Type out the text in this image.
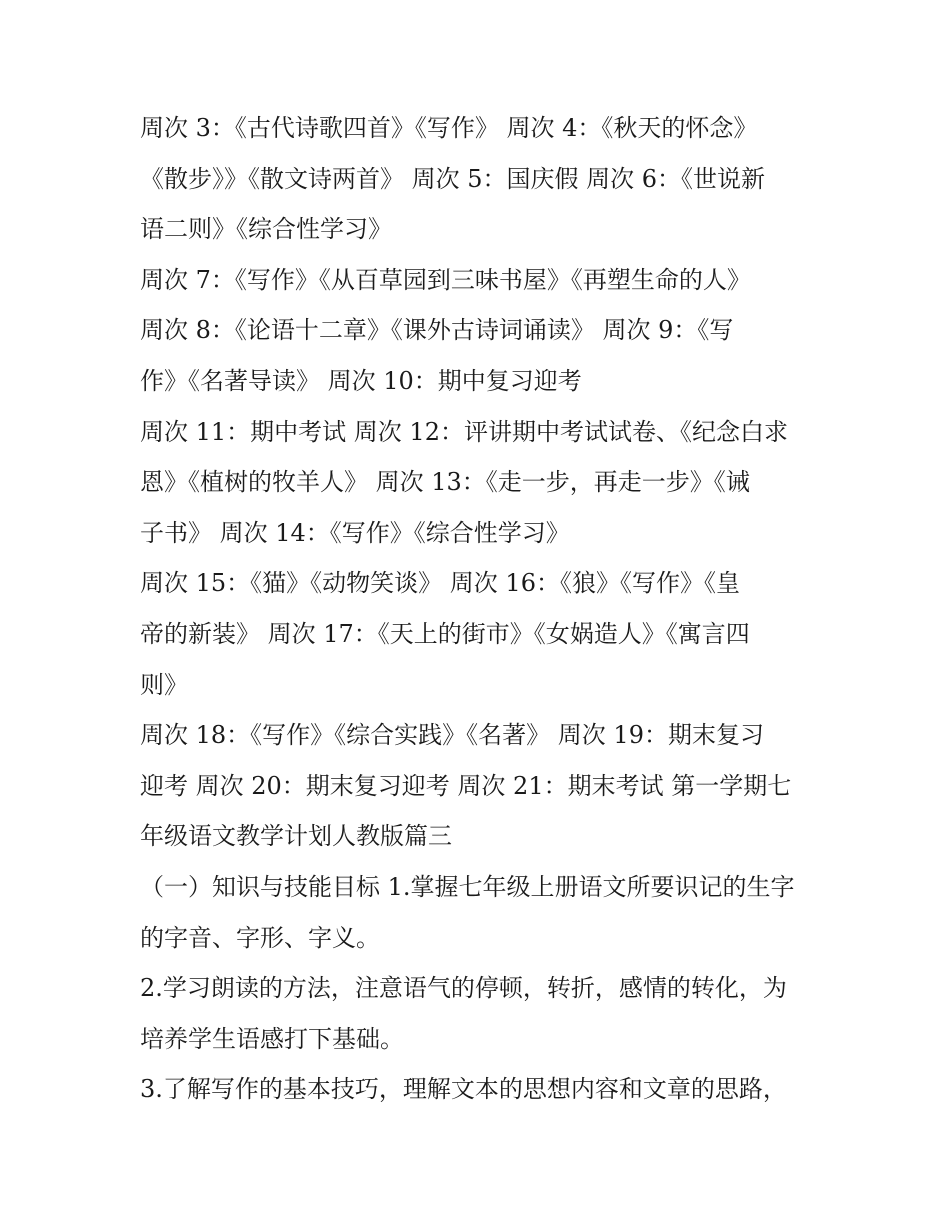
周次 3：《古代诗歌四首》《写作》 周次 4：《秋天的怀念》
《散步》》《散文诗两首》 周次 5：国庆假 周次 6：《世说新
语二则》《综合性学习》
周次 7：《写作》《从百草园到三味书屋》《再塑生命的人》
周次 8：《论语十二章》《课外古诗词诵读》 周次 9：《写
作》《名著导读》 周次 10：期中复习迎考
周次 11：期中考试 周次 12：评讲期中考试试卷、《纪念白求
恩》《植树的牧羊人》 周次 13：《走一步，再走一步》《诫
子书》 周次 14：《写作》《综合性学习》
周次 15：《猫》《动物笑谈》 周次 16：《狼》《写作》《皇
帝的新装》 周次 17：《天上的街市》《女娲造人》《寓言四
则》
周次 18：《写作》《综合实践》《名著》 周次 19：期末复习
迎考 周次 20：期末复习迎考 周次 21：期末考试 第一学期七
年级语文教学计划人教版篇三
（一）知识与技能目标 1.掌握七年级上册语文所要识记的生字
的字音、字形、字义。
2.学习朗读的方法，注意语气的停顿，转折，感情的转化，为
培养学生语感打下基础。
3.了解写作的基本技巧，理解文本的思想内容和文章的思路，
